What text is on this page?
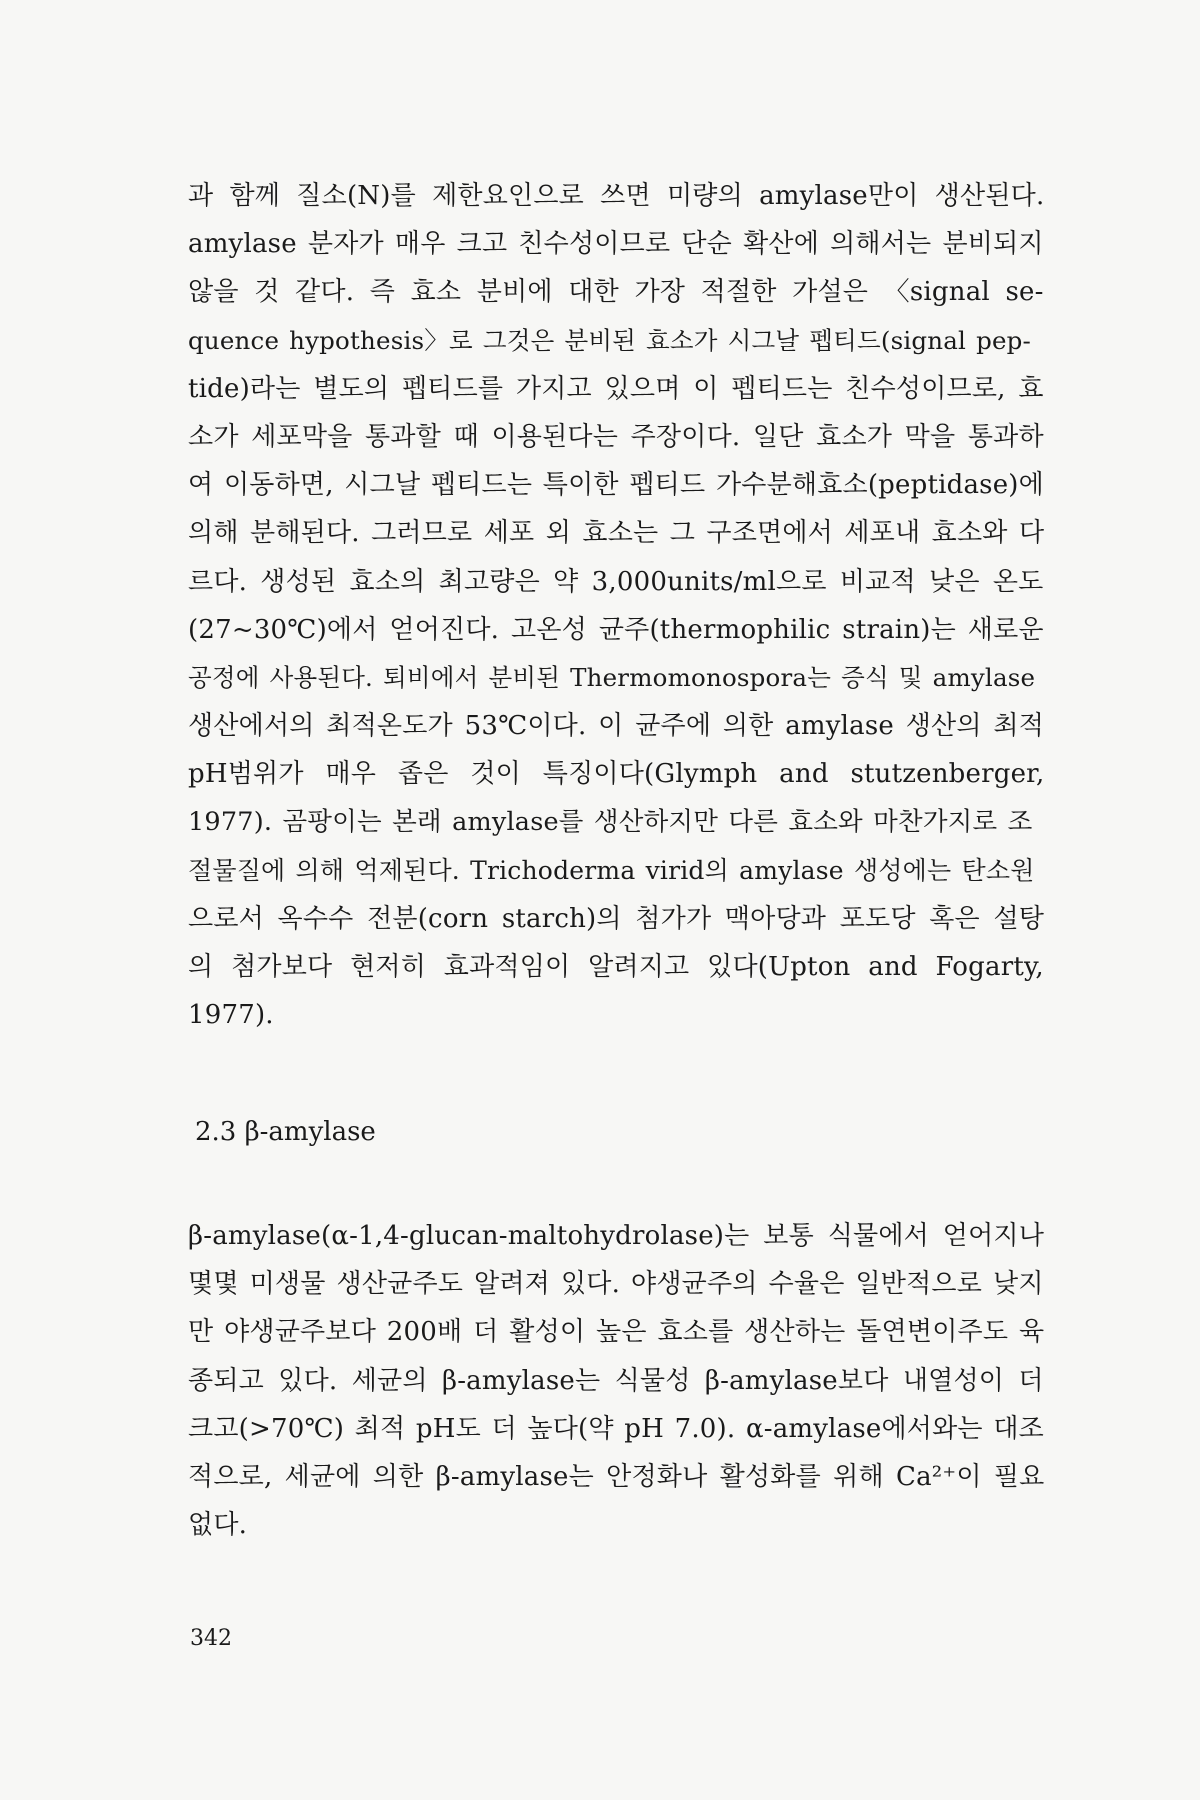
과 함께 질소(N)를 제한요인으로 쓰면 미량의 amylase만이 생산된다.
amylase 분자가 매우 크고 친수성이므로 단순 확산에 의해서는 분비되지
않을 것 같다. 즉 효소 분비에 대한 가장 적절한 가설은 〈signal se-
quence hypothesis〉로 그것은 분비된 효소가 시그날 펩티드(signal pep-
tide)라는 별도의 펩티드를 가지고 있으며 이 펩티드는 친수성이므로, 효
소가 세포막을 통과할 때 이용된다는 주장이다. 일단 효소가 막을 통과하
여 이동하면, 시그날 펩티드는 특이한 펩티드 가수분해효소(peptidase)에
의해 분해된다. 그러므로 세포 외 효소는 그 구조면에서 세포내 효소와 다
르다. 생성된 효소의 최고량은 약 3,000units/ml으로 비교적 낮은 온도
(27~30℃)에서 얻어진다. 고온성 균주(thermophilic strain)는 새로운
공정에 사용된다. 퇴비에서 분비된 Thermomonospora는 증식 및 amylase
생산에서의 최적온도가 53℃이다. 이 균주에 의한 amylase 생산의 최적
pH범위가 매우 좁은 것이 특징이다(Glymph and stutzenberger,
1977). 곰팡이는 본래 amylase를 생산하지만 다른 효소와 마찬가지로 조
절물질에 의해 억제된다. Trichoderma virid의 amylase 생성에는 탄소원
으로서 옥수수 전분(corn starch)의 첨가가 맥아당과 포도당 혹은 설탕
의 첨가보다 현저히 효과적임이 알려지고 있다(Upton and Fogarty,
1977).
2.3 β-amylase
β-amylase(α-1,4-glucan-maltohydrolase)는 보통 식물에서 얻어지나
몇몇 미생물 생산균주도 알려져 있다. 야생균주의 수율은 일반적으로 낮지
만 야생균주보다 200배 더 활성이 높은 효소를 생산하는 돌연변이주도 육
종되고 있다. 세균의 β-amylase는 식물성 β-amylase보다 내열성이 더
크고(>70℃) 최적 pH도 더 높다(약 pH 7.0). α-amylase에서와는 대조
적으로, 세균에 의한 β-amylase는 안정화나 활성화를 위해 Ca²⁺이 필요
없다.
342
